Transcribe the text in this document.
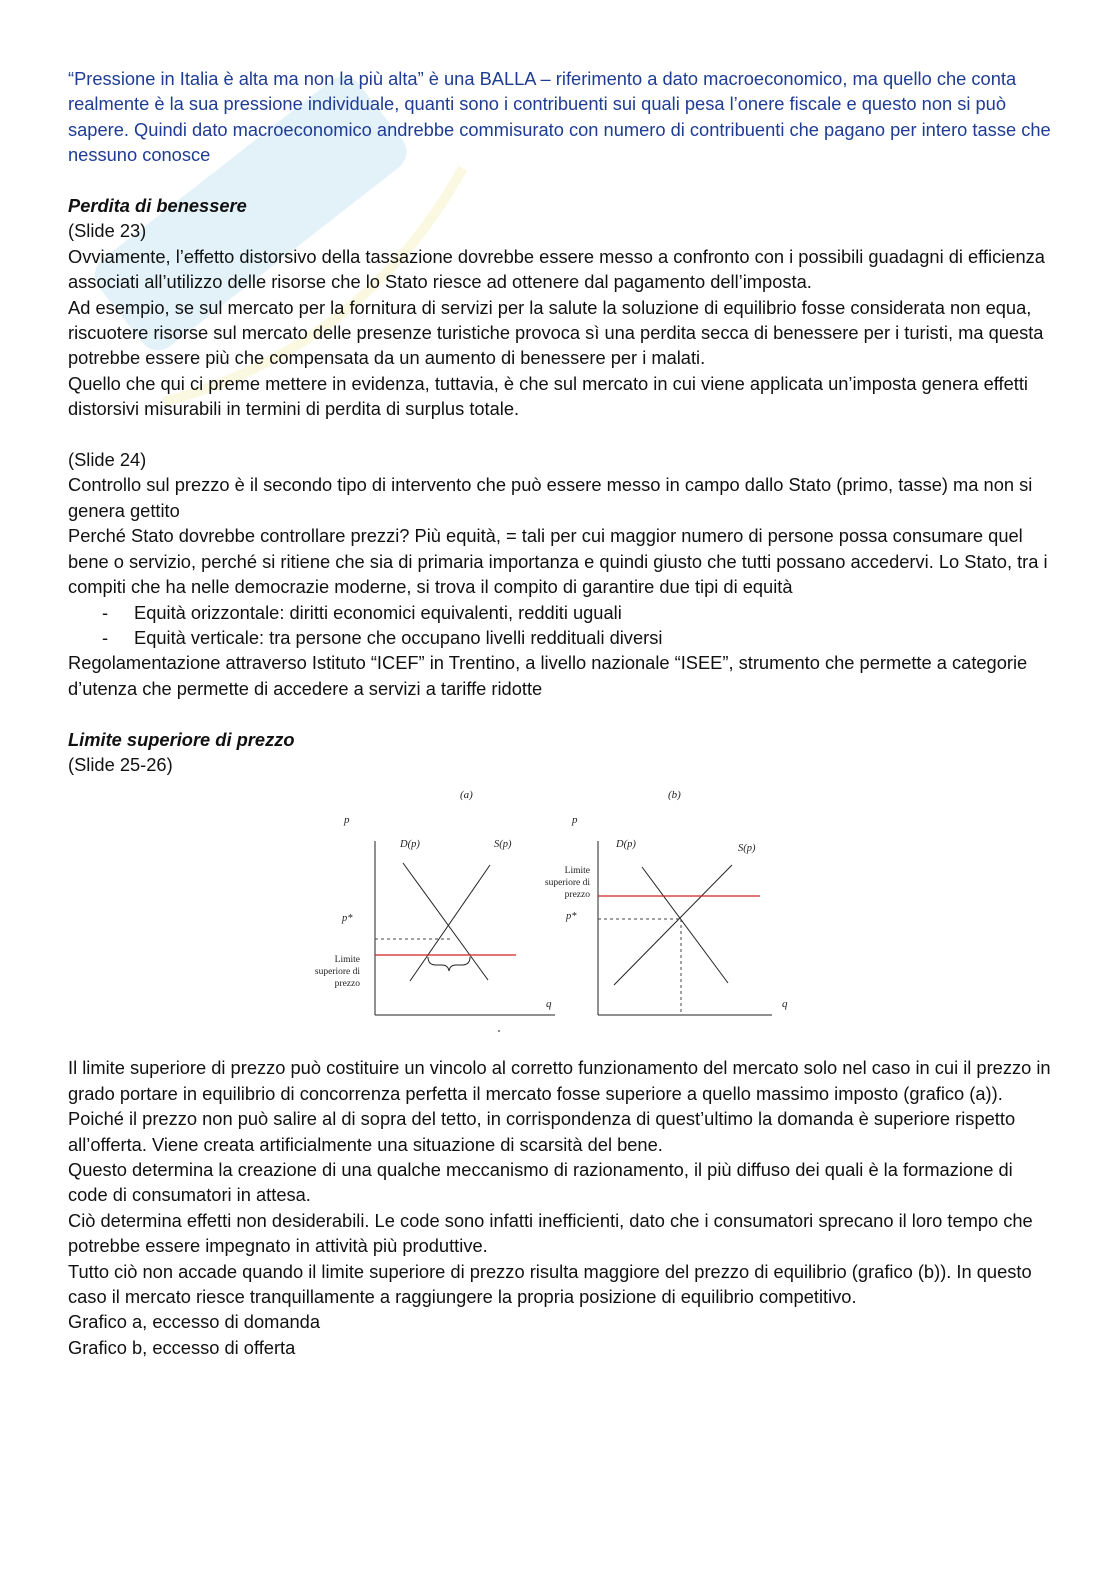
“Pressione in Italia è alta ma non la più alta” è una BALLA – riferimento a dato macroeconomico, ma quello che conta realmente è la sua pressione individuale, quanti sono i contribuenti sui quali pesa l’onere fiscale e questo non si può sapere. Quindi dato macroeconomico andrebbe commisurato con numero di contribuenti che pagano per intero tasse che nessuno conosce

Perdita di benessere

(Slide 23)

Ovviamente, l’effetto distorsivo della tassazione dovrebbe essere messo a confronto con i possibili guadagni di efficienza associati all’utilizzo delle risorse che lo Stato riesce ad ottenere dal pagamento dell’imposta.

Ad esempio, se sul mercato per la fornitura di servizi per la salute la soluzione di equilibrio fosse considerata non equa, riscuotere risorse sul mercato delle presenze turistiche provoca sì una perdita secca di benessere per i turisti, ma questa potrebbe essere più che compensata da un aumento di benessere per i malati.

Quello che qui ci preme mettere in evidenza, tuttavia, è che sul mercato in cui viene applicata un’imposta genera effetti distorsivi misurabili in termini di perdita di surplus totale.

(Slide 24)

Controllo sul prezzo è il secondo tipo di intervento che può essere messo in campo dallo Stato (primo, tasse) ma non si genera gettito

Perché Stato dovrebbe controllare prezzi? Più equità, = tali per cui maggior numero di persone possa consumare quel bene o servizio, perché si ritiene che sia di primaria importanza e quindi giusto che tutti possano accedervi. Lo Stato, tra i compiti che ha nelle democrazie moderne, si trova il compito di garantire due tipi di equità

- Equità orizzontale: diritti economici equivalenti, redditi uguali
- Equità verticale: tra persone che occupano livelli reddituali diversi

Regolamentazione attraverso Istituto “ICEF” in Trentino, a livello nazionale “ISEE”, strumento che permette a categorie d’utenza che permette di accedere a servizi a tariffe ridotte

Limite superiore di prezzo

(Slide 25-26)

(a)
p
q
D(p)	S(p)
p*
Limite
superiore di
prezzo
(b)
p
q
D(p)	S(p)
Limite
superiore di
prezzo
p*

Il limite superiore di prezzo può costituire un vincolo al corretto funzionamento del mercato solo nel caso in cui il prezzo in grado portare in equilibrio di concorrenza perfetta il mercato fosse superiore a quello massimo imposto (grafico (a)). Poiché il prezzo non può salire al di sopra del tetto, in corrispondenza di quest’ultimo la domanda è superiore rispetto all’offerta. Viene creata artificialmente una situazione di scarsità del bene.

Questo determina la creazione di una qualche meccanismo di razionamento, il più diffuso dei quali è la formazione di code di consumatori in attesa.

Ciò determina effetti non desiderabili. Le code sono infatti inefficienti, dato che i consumatori sprecano il loro tempo che potrebbe essere impegnato in attività più produttive.

Tutto ciò non accade quando il limite superiore di prezzo risulta maggiore del prezzo di equilibrio (grafico (b)). In questo caso il mercato riesce tranquillamente a raggiungere la propria posizione di equilibrio competitivo.

Grafico a, eccesso di domanda

Grafico b, eccesso di offerta
